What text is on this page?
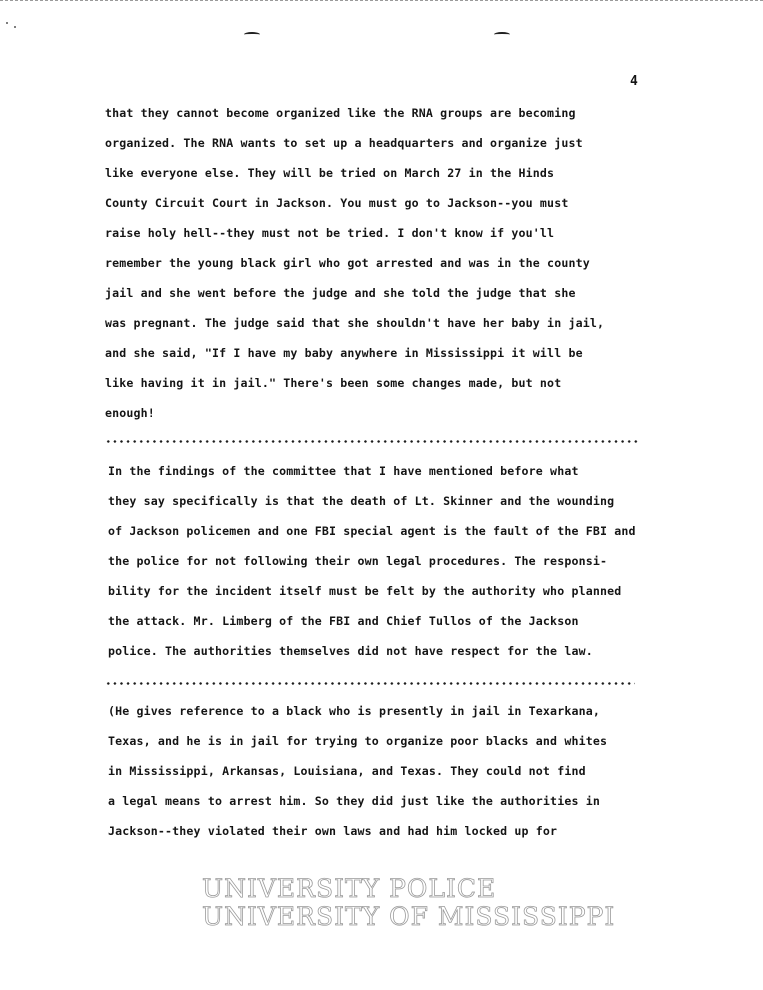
4
that they cannot become organized like the RNA groups are becoming
organized. The RNA wants to set up a headquarters and organize just
like everyone else. They will be tried on March 27 in the Hinds
County Circuit Court in Jackson. You must go to Jackson--you must
raise holy hell--they must not be tried. I don't know if you'll
remember the young black girl who got arrested and was in the county
jail and she went before the judge and she told the judge that she
was pregnant. The judge said that she shouldn't have her baby in jail,
and she said, "If I have my baby anywhere in Mississippi it will be
like having it in jail." There's been some changes made, but not
enough!
In the findings of the committee that I have mentioned before what
they say specifically is that the death of Lt. Skinner and the wounding
of Jackson policemen and one FBI special agent is the fault of the FBI and
the police for not following their own legal procedures. The responsi-
bility for the incident itself must be felt by the authority who planned
the attack. Mr. Limberg of the FBI and Chief Tullos of the Jackson
police. The authorities themselves did not have respect for the law.
(He gives reference to a black who is presently in jail in Texarkana,
Texas, and he is in jail for trying to organize poor blacks and whites
in Mississippi, Arkansas, Louisiana, and Texas. They could not find
a legal means to arrest him. So they did just like the authorities in
Jackson--they violated their own laws and had him locked up for
UNIVERSITY POLICE
UNIVERSITY OF MISSISSIPPI
